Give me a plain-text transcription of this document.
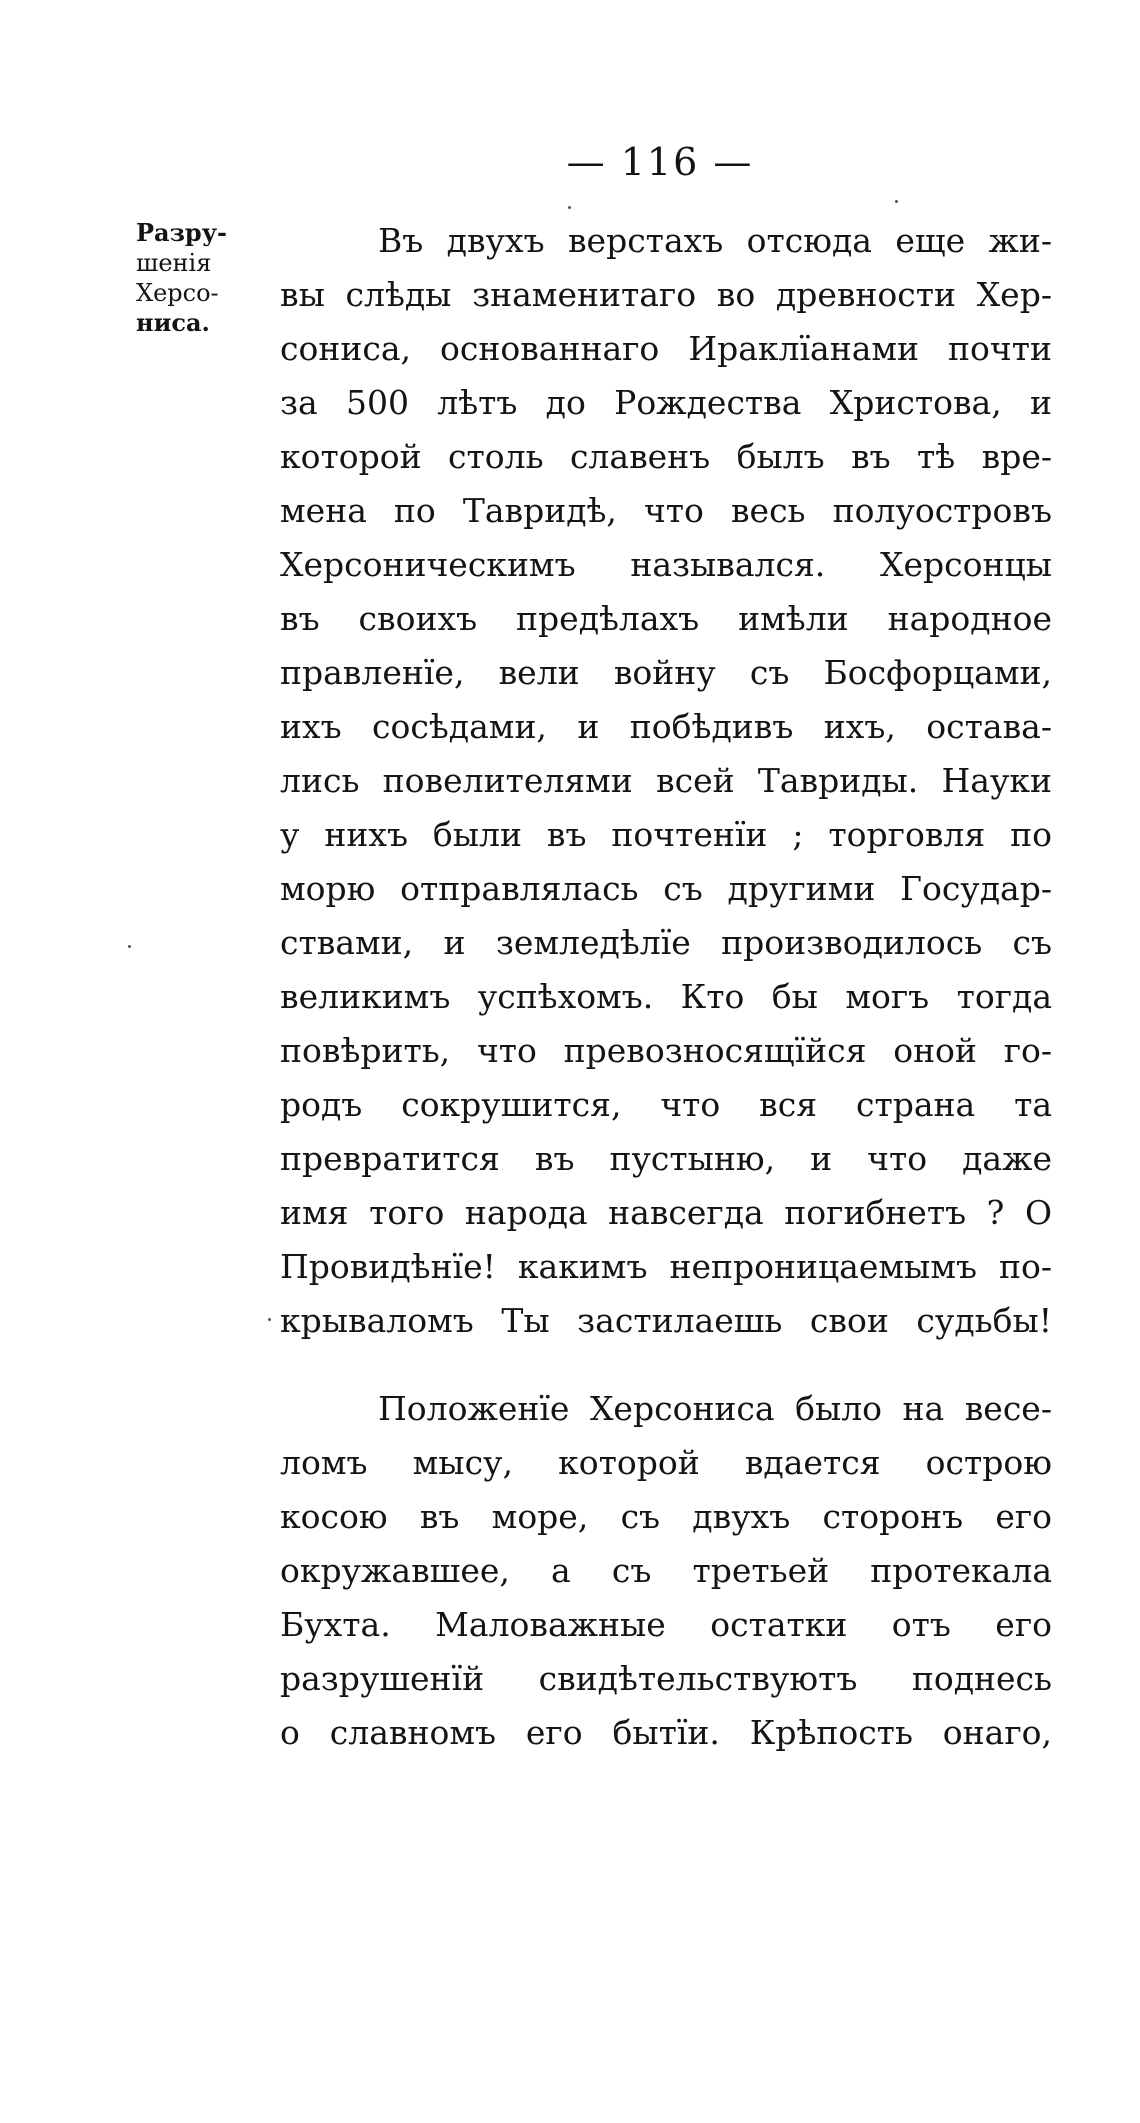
— 116 —

Разру-
шенія
Херсо-
ниса.
Въ двухъ верстахъ отсюда еще жи-
вы слѣды знаменитаго во древности Хер-
сониса, основаннаго Ираклїанами почти
за 500 лѣтъ до Рождества Христова, и
которой столь славенъ былъ въ тѣ вре-
мена по Тавридѣ, что весь полуостровъ
Херсоническимъ назывался. Херсонцы
въ своихъ предѣлахъ имѣли народное
правленїе, вели войну съ Босфорцами,
ихъ сосѣдами, и побѣдивъ ихъ, остава-
лись повелителями всей Тавриды. Науки
у нихъ были въ почтенїи ; торговля по
морю отправлялась съ другими Государ-
ствами, и земледѣлїе производилось съ
великимъ успѣхомъ. Кто бы могъ тогда
повѣрить, что превозносящїйся оной го-
родъ сокрушится, что вся страна та
превратится въ пустыню, и что даже
имя того народа навсегда погибнетъ ? О
Провидѣнїе! какимъ непроницаемымъ по-
крываломъ Ты застилаешь свои судьбы!
Положенїе Херсониса было на весе-
ломъ мысу, которой вдается острою
косою въ море, съ двухъ сторонъ его
окружавшее, а съ третьей протекала
Бухта. Маловажные остатки отъ его
разрушенїй свидѣтельствуютъ поднесь
о славномъ его бытїи. Крѣпость онаго,
